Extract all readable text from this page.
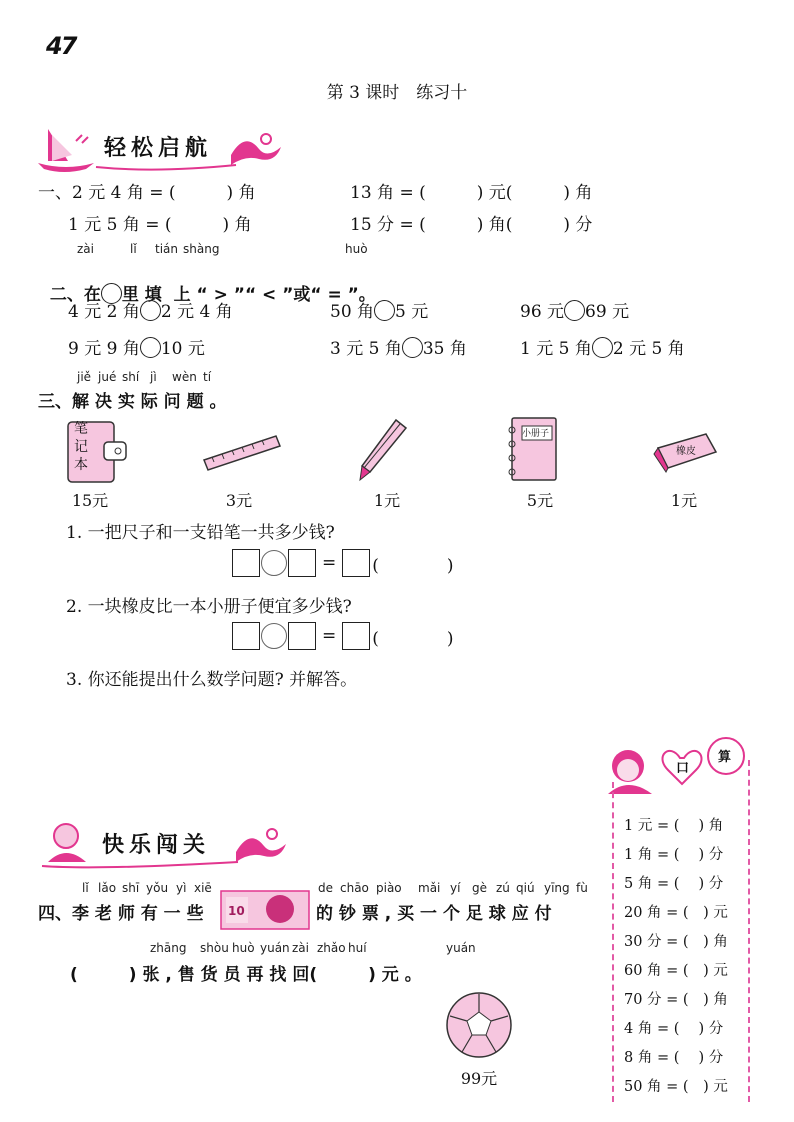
47
第 3 课时　练习十
轻松启航
一、2 元 4 角 = (　　　) 角	13 角 = (　　　) 元(　　　) 角
1 元 5 角 = (　　　) 角	15 分 = (　　　) 角(　　　) 分
zài	lǐ tián shàng	huò

二、在 里 填  上 “ > ”“ < ”或“ = ”。

4 元 2 角 2 元 4 角	50 角 5 元	96 元 69 元
9 元 9 角 10 元	3 元 5 角 35 角	1 元 5 角 2 元 5 角
jiě jué shí jì wèn tí
三、解 决 实 际 问 题 。
笔记本
小册子
橡皮
15元	3元	1元	5元	1元
1. 一把尺子和一支铅笔一共多少钱?
= (　　　　)
2. 一块橡皮比一本小册子便宜多少钱?
= (　　　　)
3. 你还能提出什么数学问题? 并解答。
快乐闯关
lǐ lǎo shī yǒu yì xiē	de chāo piào mǎi yí gè zú qiú yīng fù
四、李 老 师 有 一 些 10	的 钞 票 , 买 一 个 足 球 应 付
zhāng shòu huò yuán zài zhǎo huí	yuán
(　　　) 张 , 售 货 员 再 找 回(　　　) 元 。
99元
口
算
1 元 = (　 ) 角
1 角 = (　 ) 分
5 角 = (　 ) 分
20 角 = (　) 元
30 分 = (　) 角
60 角 = (　) 元
70 分 = (　) 角
4 角 = (　 ) 分
8 角 = (　 ) 分
50 角 = (　) 元
